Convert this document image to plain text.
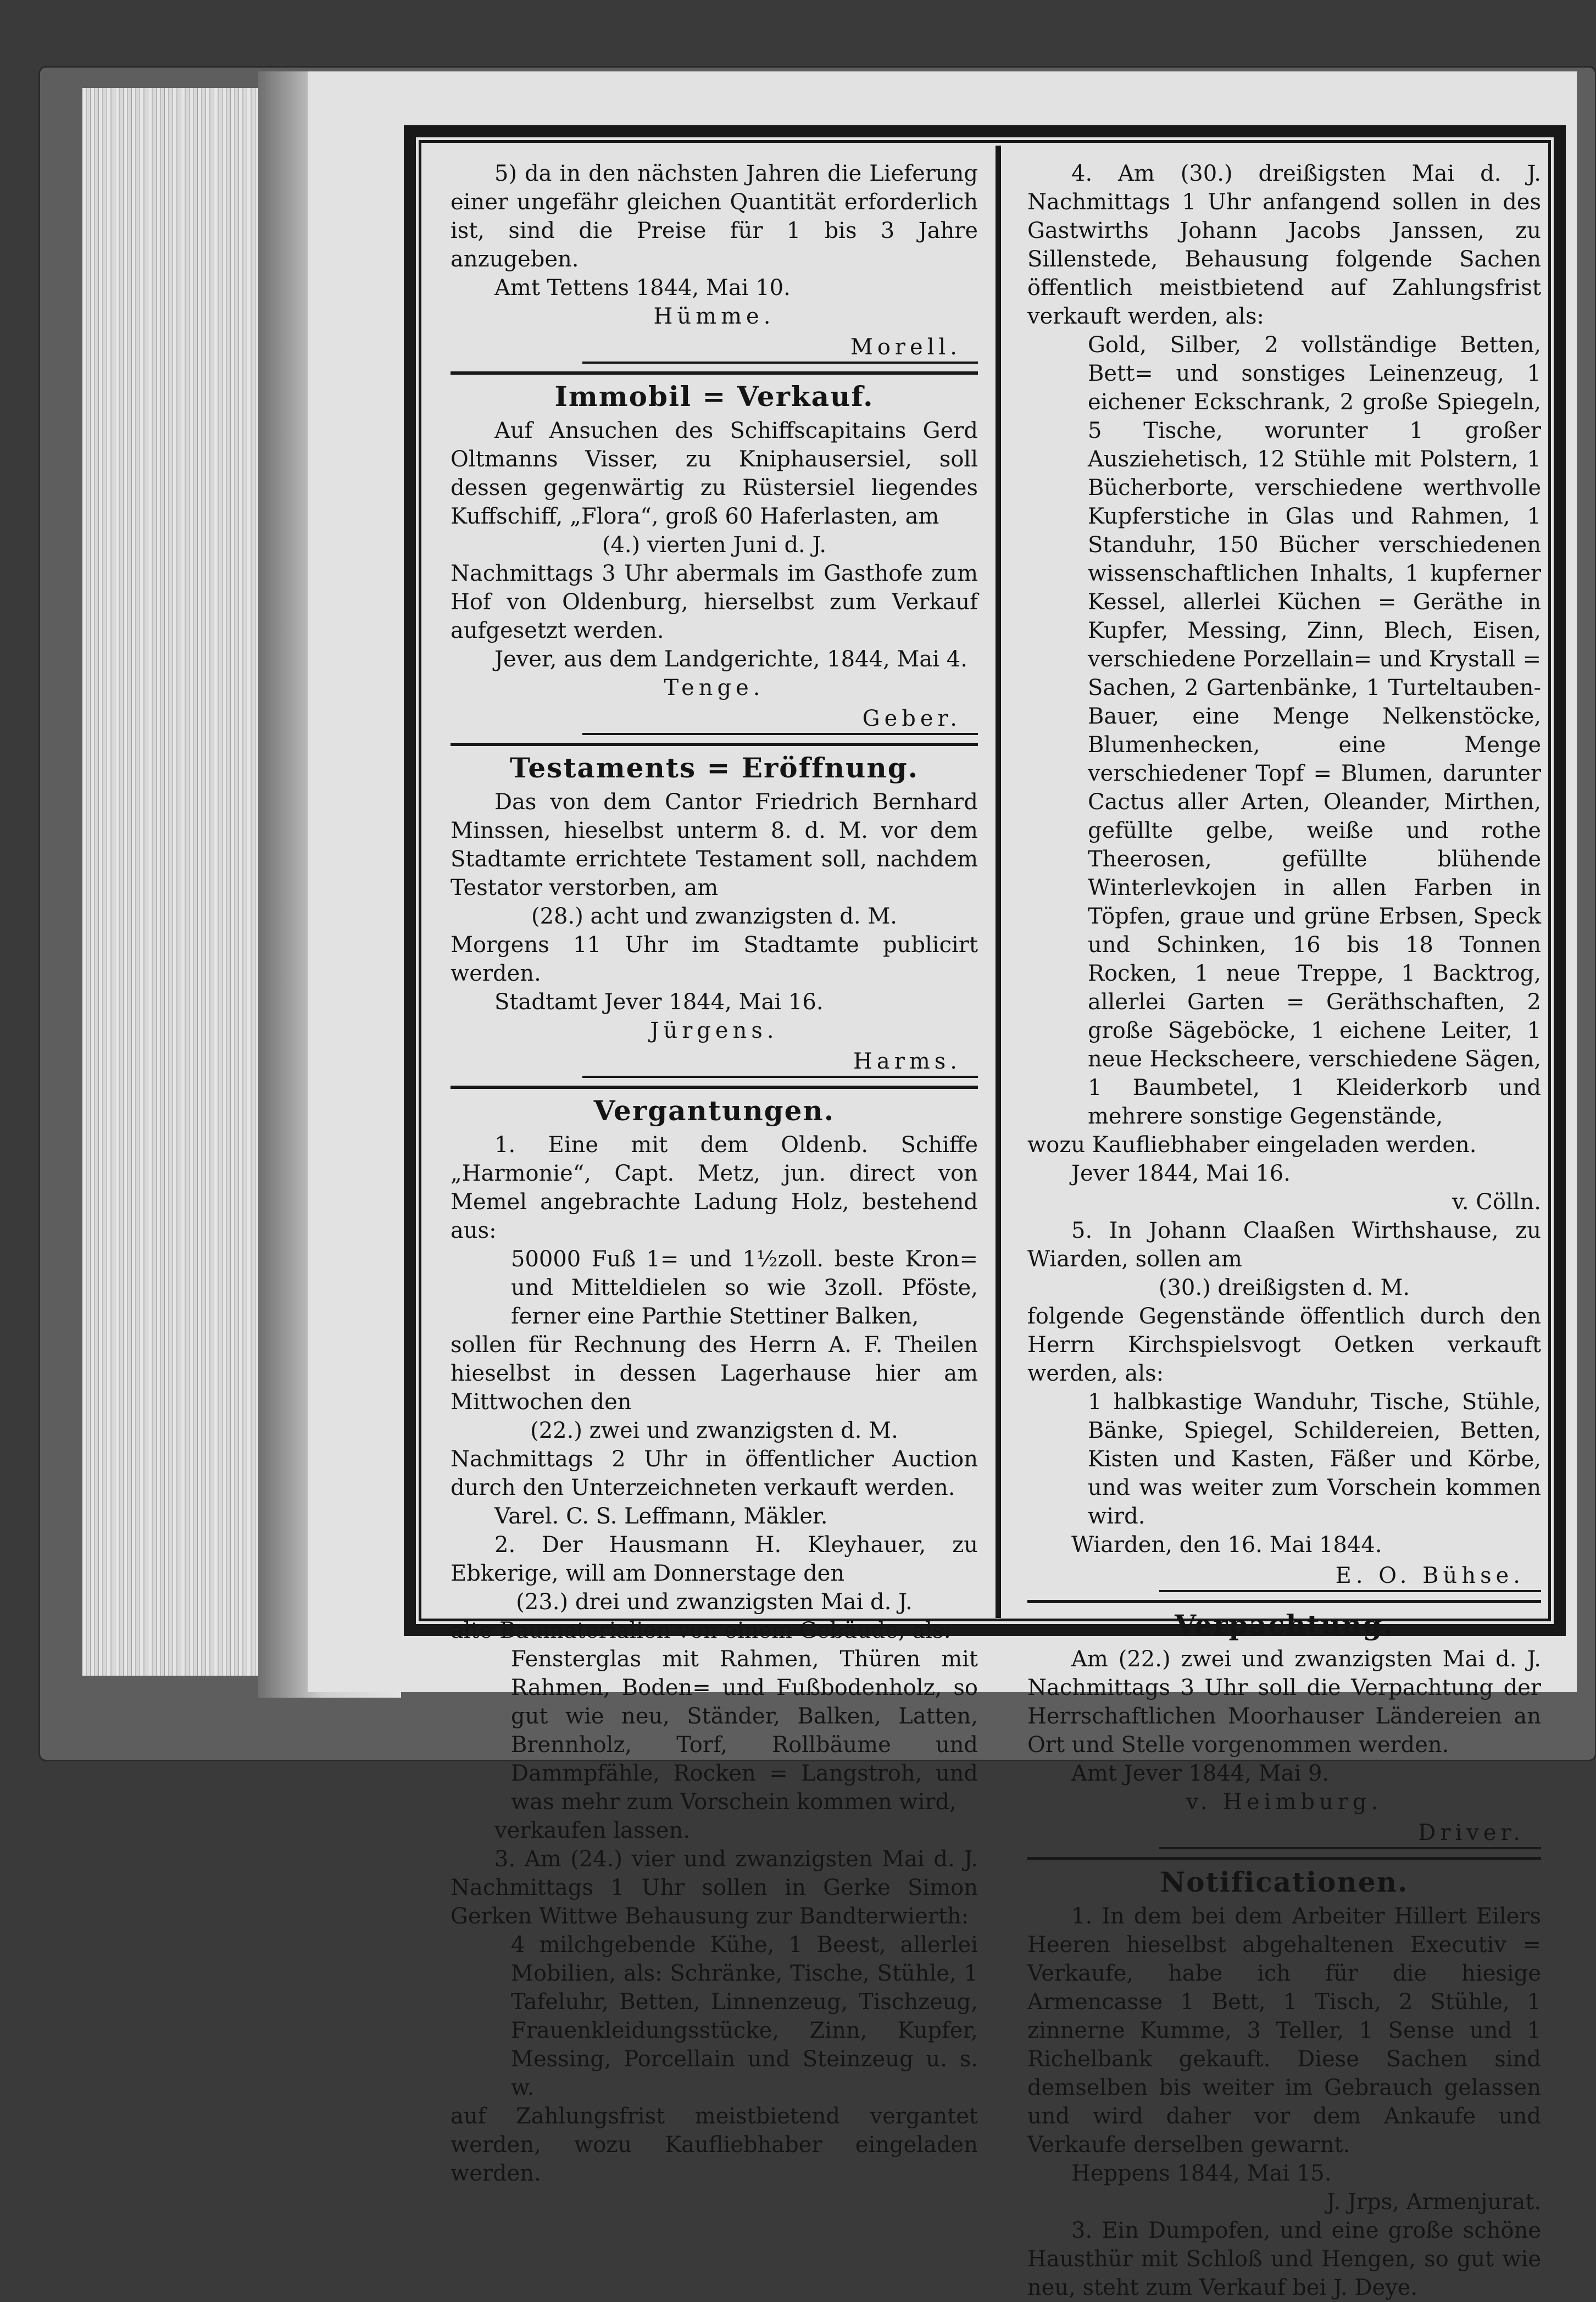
5) da in den nächsten Jahren die Lieferung einer ungefähr gleichen Quantität erforderlich ist, sind die Preise für 1 bis 3 Jahre anzugeben.

Amt Tettens 1844, Mai 10.

Hümme.

Morell.
Immobil = Verkauf.

Auf Ansuchen des Schiffscapitains Gerd Oltmanns Visser, zu Kniphausersiel, soll dessen gegenwärtig zu Rüstersiel liegendes Kuffschiff, „Flora“, groß 60 Haferlasten, am

(4.) vierten Juni d. J.

Nachmittags 3 Uhr abermals im Gasthofe zum Hof von Oldenburg, hierselbst zum Verkauf aufgesetzt werden.

Jever, aus dem Landgerichte, 1844, Mai 4.

Tenge.

Geber.
Testaments = Eröffnung.

Das von dem Cantor Friedrich Bernhard Minssen, hieselbst unterm 8. d. M. vor dem Stadtamte errichtete Testament soll, nachdem Testator verstorben, am

(28.) acht und zwanzigsten d. M.

Morgens 11 Uhr im Stadtamte publicirt werden.

Stadtamt Jever 1844, Mai 16.

Jürgens.

Harms.
Vergantungen.

1. Eine mit dem Oldenb. Schiffe „Harmonie“, Capt. Metz, jun. direct von Memel angebrachte Ladung Holz, bestehend aus:

50000 Fuß 1= und 1½zoll. beste Kron= und Mitteldielen so wie 3zoll. Pföste, ferner eine Parthie Stettiner Balken,

sollen für Rechnung des Herrn A. F. Theilen hieselbst in dessen Lagerhause hier am Mittwochen den

(22.) zwei und zwanzigsten d. M.

Nachmittags 2 Uhr in öffentlicher Auction durch den Unterzeichneten verkauft werden.

Varel. C. S. Leffmann, Mäkler.

2. Der Hausmann H. Kleyhauer, zu Ebkerige, will am Donnerstage den

(23.) drei und zwanzigsten Mai d. J.

alte Baumaterialien von einem Gebäude, als:

Fensterglas mit Rahmen, Thüren mit Rahmen, Boden= und Fußbodenholz, so gut wie neu, Ständer, Balken, Latten, Brennholz, Torf, Rollbäume und Dammpfähle, Rocken = Langstroh, und was mehr zum Vorschein kommen wird,

verkaufen lassen.

3. Am (24.) vier und zwanzigsten Mai d. J. Nachmittags 1 Uhr sollen in Gerke Simon Gerken Wittwe Behausung zur Bandterwierth:

4 milchgebende Kühe, 1 Beest, allerlei Mobilien, als: Schränke, Tische, Stühle, 1 Tafeluhr, Betten, Linnenzeug, Tischzeug, Frauenkleidungsstücke, Zinn, Kupfer, Messing, Porcellain und Steinzeug u. s. w.

auf Zahlungsfrist meistbietend vergantet werden, wozu Kaufliebhaber eingeladen werden.

4. Am (30.) dreißigsten Mai d. J. Nachmittags 1 Uhr anfangend sollen in des Gastwirths Johann Jacobs Janssen, zu Sillenstede, Behausung folgende Sachen öffentlich meistbietend auf Zahlungsfrist verkauft werden, als:

Gold, Silber, 2 vollständige Betten, Bett= und sonstiges Leinenzeug, 1 eichener Eckschrank, 2 große Spiegeln, 5 Tische, worunter 1 großer Ausziehetisch, 12 Stühle mit Polstern, 1 Bücherborte, verschiedene werthvolle Kupferstiche in Glas und Rahmen, 1 Standuhr, 150 Bücher verschiedenen wissenschaftlichen Inhalts, 1 kupferner Kessel, allerlei Küchen = Geräthe in Kupfer, Messing, Zinn, Blech, Eisen, verschiedene Porzellain= und Krystall = Sachen, 2 Gartenbänke, 1 Turteltauben-Bauer, eine Menge Nelkenstöcke, Blumenhecken, eine Menge verschiedener Topf = Blumen, darunter Cactus aller Arten, Oleander, Mirthen, gefüllte gelbe, weiße und rothe Theerosen, gefüllte blühende Winterlevkojen in allen Farben in Töpfen, graue und grüne Erbsen, Speck und Schinken, 16 bis 18 Tonnen Rocken, 1 neue Treppe, 1 Backtrog, allerlei Garten = Geräthschaften, 2 große Sägeböcke, 1 eichene Leiter, 1 neue Heckscheere, verschiedene Sägen, 1 Baumbetel, 1 Kleiderkorb und mehrere sonstige Gegenstände,

wozu Kaufliebhaber eingeladen werden.

Jever 1844, Mai 16.

v. Cölln.

5. In Johann Claaßen Wirthshause, zu Wiarden, sollen am

(30.) dreißigsten d. M.

folgende Gegenstände öffentlich durch den Herrn Kirchspielsvogt Oetken verkauft werden, als:

1 halbkastige Wanduhr, Tische, Stühle, Bänke, Spiegel, Schildereien, Betten, Kisten und Kasten, Fäßer und Körbe, und was weiter zum Vorschein kommen wird.

Wiarden, den 16. Mai 1844.

E. O. Bühse.
Verpachtung.

Am (22.) zwei und zwanzigsten Mai d. J. Nachmittags 3 Uhr soll die Verpachtung der Herrschaftlichen Moorhauser Ländereien an Ort und Stelle vorgenommen werden.

Amt Jever 1844, Mai 9.

v. Heimburg.

Driver.
Notificationen.

1. In dem bei dem Arbeiter Hillert Eilers Heeren hieselbst abgehaltenen Executiv = Verkaufe, habe ich für die hiesige Armencasse 1 Bett, 1 Tisch, 2 Stühle, 1 zinnerne Kumme, 3 Teller, 1 Sense und 1 Richelbank gekauft. Diese Sachen sind demselben bis weiter im Gebrauch gelassen und wird daher vor dem Ankaufe und Verkaufe derselben gewarnt.

Heppens 1844, Mai 15.

J. Jrps, Armenjurat.

3. Ein Dumpofen, und eine große schöne Hausthür mit Schloß und Hengen, so gut wie neu, steht zum Verkauf bei J. Deye.
